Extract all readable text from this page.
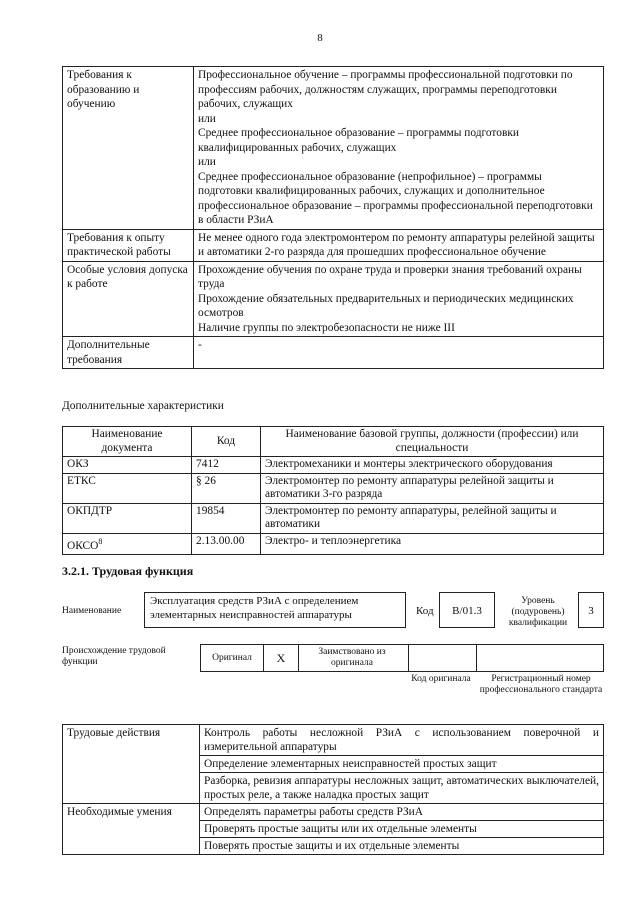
8
Требования к образованию и обучению	Профессиональное обучение – программы профессиональной подготовки по профессиям рабочих, должностям служащих, программы переподготовки рабочих, служащих

или

Среднее профессиональное образование – программы подготовки квалифицированных рабочих, служащих

или

Среднее профессиональное образование (непрофильное) – программы подготовки квалифицированных рабочих, служащих и дополнительное профессиональное образование – программы профессиональной переподготовки в области РЗиА

Требования к опыту практической работы	Не менее одного года электромонтером по ремонту аппаратуры релейной защиты и автоматики 2-го разряда для прошедших профессиональное обучение

Особые условия допуска к работе	Прохождение обучения по охране труда и проверки знания требований охраны труда

Прохождение обязательных предварительных и периодических медицинских осмотров

Наличие группы по электробезопасности не ниже III

Дополнительные требования	-

Дополнительные характеристики
Наименование документа	Код	Наименование базовой группы, должности (профессии) или специальности
ОКЗ	7412	Электромеханики и монтеры электрического оборудования
ЕТКС	§ 26	Электромонтер по ремонту аппаратуры релейной защиты и автоматики 3-го разряда
ОКПДТР	19854	Электромонтер по ремонту аппаратуры, релейной защиты и автоматики
ОКСО$^8$	2.13.00.00	Электро- и теплоэнергетика
3.2.1. Трудовая функция
Наименование
Эксплуатация средств РЗиА с определением элементарных неисправностей аппаратуры	Код	B/01.3
Уровень (подуровень) квалификации
3
Происхождение трудовой функции	Оригинал	X	Заимствовано из оригинала
Код оригинала	Регистрационный номер профессионального стандарта
Трудовые действия	Контроль работы несложной РЗиА с использованием поверочной и измерительной аппаратуры
	Определение элементарных неисправностей простых защит
	Разборка, ревизия аппаратуры несложных защит, автоматических выключателей, простых реле, а также наладка простых защит
Необходимые умения	Определять параметры работы средств РЗиА
	Проверять простые защиты или их отдельные элементы
	Поверять простые защиты и их отдельные элементы
